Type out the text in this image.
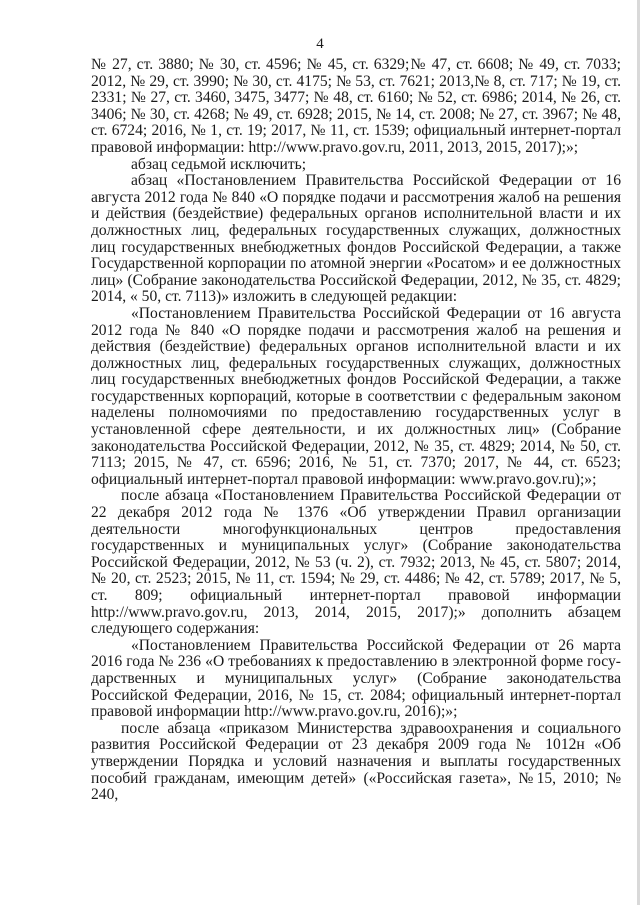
4

№ 27, ст. 3880; № 30, ст. 4596; № 45, ст. 6329;№ 47, ст. 6608; № 49, ст. 7033; 2012, № 29, ст. 3990; № 30, ст. 4175; № 53, ст. 7621; 2013,№ 8, ст. 717; № 19, ст. 2331; № 27, ст. 3460, 3475, 3477; № 48, ст. 6160; № 52, ст. 6986; 2014, № 26, ст. 3406; № 30, ст. 4268; № 49, ст. 6928; 2015, № 14, ст. 2008; № 27, ст. 3967; № 48, ст. 6724; 2016, № 1, ст. 19; 2017, № 11, ст. 1539; официальный интернет-портал правовой информации: http://www.pravo.gov.ru, 2011, 2013, 2015, 2017);»;

абзац седьмой исключить;

абзац «Постановлением Правительства Российской Федерации от 16 августа 2012 года № 840 «О порядке подачи и рассмотрения жалоб на решения и действия (бездействие) федеральных органов исполнительной власти и их должностных лиц, федеральных государственных служащих, должностных лиц государственных внебюджетных фондов Российской Федерации, а также Государственной корпорации по атомной энергии «Росатом» и ее должностных лиц» (Собрание законодательства Российской Федерации, 2012, № 35, ст. 4829; 2014, « 50, ст. 7113)» изложить в следующей редакции:

«Постановлением Правительства Российской Федерации от 16 августа 2012 года № 840 «О порядке подачи и рассмотрения жалоб на решения и действия (бездействие) федеральных органов исполнительной власти и их должностных лиц, федеральных государственных служащих, должностных лиц государственных внебюджетных фондов Российской Федерации, а также государственных корпораций, которые в соответствии с федеральным законом наделены полномочиями по предоставлению государственных услуг в установленной сфере деятельности, и их должностных лиц» (Собрание законодательства Российской Федерации, 2012, № 35, ст. 4829; 2014, № 50, ст. 7113; 2015, № 47, ст. 6596; 2016, № 51, ст. 7370; 2017, № 44, ст. 6523; официальный интернет-портал правовой информации: www.pravo.gov.ru);»;

после абзаца «Постановлением Правительства Российской Федерации от 22 декабря 2012 года № 1376 «Об утверждении Правил организации деятельности многофункциональных центров предоставления государственных и муниципальных услуг» (Собрание законодательства Российской Федерации, 2012, № 53 (ч. 2), ст. 7932; 2013, № 45, ст. 5807; 2014, № 20, ст. 2523; 2015, № 11, ст. 1594; № 29, ст. 4486; № 42, ст. 5789; 2017, № 5, ст. 809; официальный интернет-портал правовой информации http://www.pravo.gov.ru, 2013, 2014, 2015, 2017);» дополнить абзацем следующего содержания:

«Постановлением Правительства Российской Федерации от 26 марта 2016 года № 236 «О требованиях к предоставлению в электронной форме государственных и муниципальных услуг» (Собрание законодательства Российской Федерации, 2016, № 15, ст. 2084; официальный интернет-портал правовой информации http://www.pravo.gov.ru, 2016);»;

после абзаца «приказом Министерства здравоохранения и социального развития Российской Федерации от 23 декабря 2009 года № 1012н «Об утверждении Порядка и условий назначения и выплаты государственных пособий гражданам, имеющим детей» («Российская газета», №15, 2010; № 240,
